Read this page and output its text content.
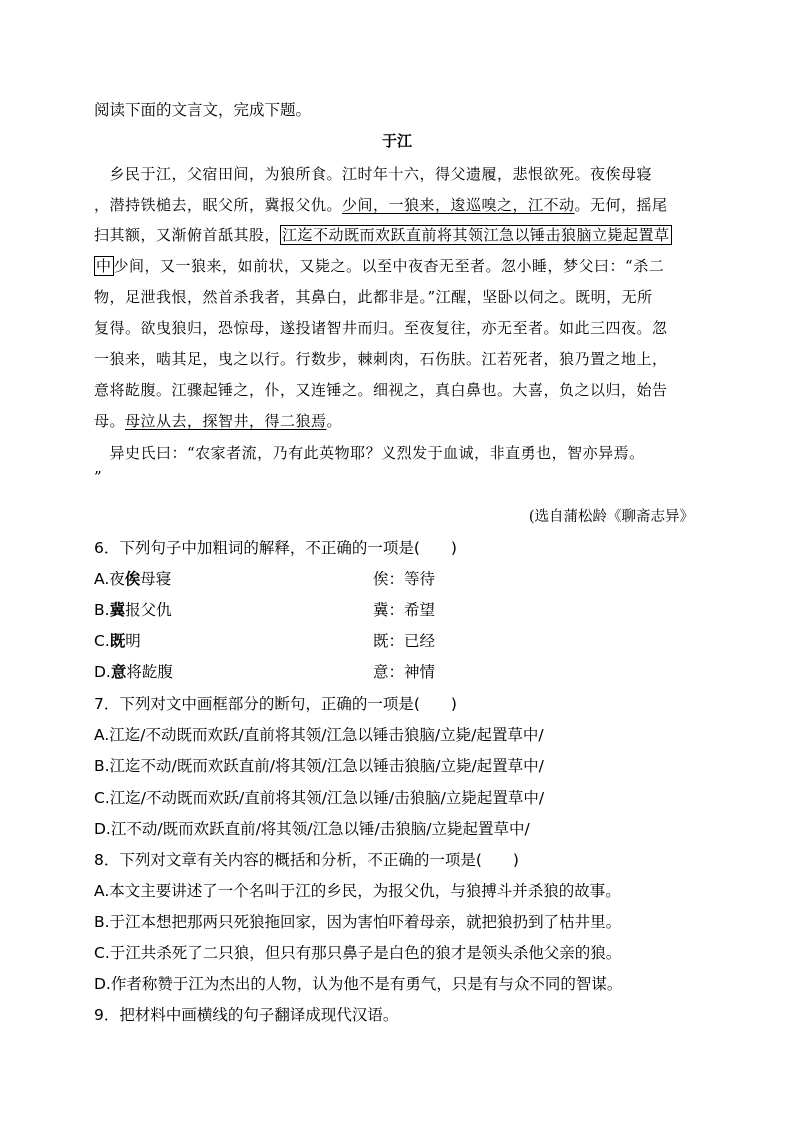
阅读下面的文言文，完成下题。
于江
　乡民于江，父宿田间，为狼所食。江时年十六，得父遗履，悲恨欲死。夜俟母寝
，潜持铁槌去，眠父所，冀报父仇。少间，一狼来，逡巡嗅之，江不动。无何，摇尾
扫其额，又渐俯首舐其股， 江迄不动既而欢跃直前将其领江急以锤击狼脑立毙起置草
中 少间，又一狼来，如前状，又毙之。以至中夜杳无至者。忽小睡，梦父曰：“杀二
物，足泄我恨，然首杀我者，其鼻白，此都非是。”江醒，坚卧以伺之。既明，无所
复得。欲曳狼归，恐惊母，遂投诸智井而归。至夜复往，亦无至者。如此三四夜。忽
一狼来，啮其足，曳之以行。行数步，棘刺肉，石伤肤。江若死者，狼乃置之地上，
意将龁腹。江骤起锤之，仆，又连锤之。细视之，真白鼻也。大喜，负之以归，始告
母。母泣从去，探智井，得二狼焉。
　异史氏曰：“农家者流，乃有此英物耶？义烈发于血诚，非直勇也，智亦异焉。
”
(选自蒲松龄《聊斋志异》
6．下列句子中加粗词的解释，不正确的一项是(　　)
A.夜俟母寝	俟：等待
B.冀报父仇	冀：希望
C.既明	既：已经
D.意将龁腹	意：神情
7．下列对文中画框部分的断句，正确的一项是(　　)
A.江迄/不动既而欢跃/直前将其领/江急以锤击狼脑/立毙/起置草中/
B.江迄不动/既而欢跃直前/将其领/江急以锤击狼脑/立毙/起置草中/
C.江迄/不动既而欢跃/直前将其领/江急以锤/击狼脑/立毙起置草中/
D.江不动/既而欢跃直前/将其领/江急以锤/击狼脑/立毙起置草中/
8．下列对文章有关内容的概括和分析，不正确的一项是(　　)
A.本文主要讲述了一个名叫于江的乡民，为报父仇，与狼搏斗并杀狼的故事。
B.于江本想把那两只死狼拖回家，因为害怕吓着母亲，就把狼扔到了枯井里。
C.于江共杀死了二只狼，但只有那只鼻子是白色的狼才是领头杀他父亲的狼。
D.作者称赞于江为杰出的人物，认为他不是有勇气，只是有与众不同的智谋。
9．把材料中画横线的句子翻译成现代汉语。
